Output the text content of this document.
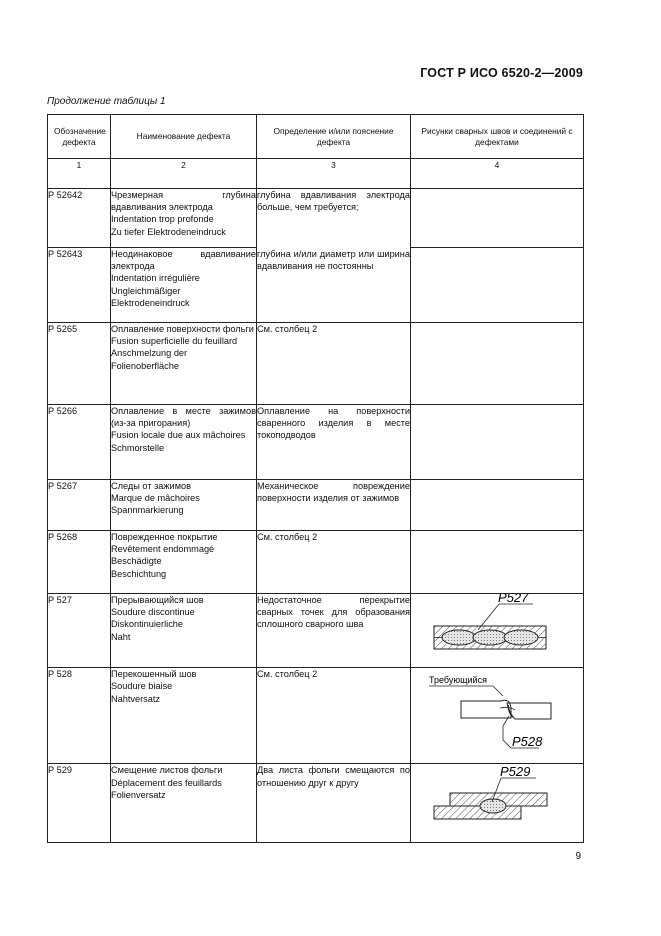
ГОСТ Р ИСО 6520-2—2009
Продолжение таблицы 1
Обозначение дефекта	Наименование дефекта	Определение и/или пояснение дефекта	Рисунки сварных швов и соединений с дефектами
1	2	3	4
Р 52642	Чрезмерная глубина вдавливания электрода
Indentation trop profonde
Zu tiefer Elektrodeneindruck	глубина вдавливания электрода больше, чем требуется;	
Р 52643	Неодинаковое вдавливание электрода
Indentation irrégulière
Ungleichmäßiger
Elektrodeneindruck	глубина и/или диаметр или ширина вдавливания не постоянны	
Р 5265	Оплавление поверхности фольги
Fusion superficielle du feuillard
Anschmelzung der
Folienoberfläche	См. столбец 2	
Р 5266	Оплавление в месте зажимов (из-за пригорания)
Fusion locale due aux mâchoires
Schmorstelle	Оплавление на поверхности сваренного изделия в месте токоподводов	
Р 5267	Следы от зажимов
Marque de mâchoires
Spannmarkierung	Механическое повреждение поверхности изделия от зажимов	
Р 5268	Поврежденное покрытие
Revêtement endommagé
Beschädigte
Beschichtung	См. столбец 2	
Р 527	Прерывающийся шов
Soudure discontinue
Diskontinuierliche
Naht	Недостаточное перекрытие сварных точек для образования сплошного сварного шва	P527

Р 528	Перекошенный шов
Soudure biaise
Nahtversatz	См. столбец 2	Требующийся
P528

Р 529	Смещение листов фольги
Déplacement des feuillards
Folienversatz	Два листа фольги смещаются по отношению друг к другу	P529
9
